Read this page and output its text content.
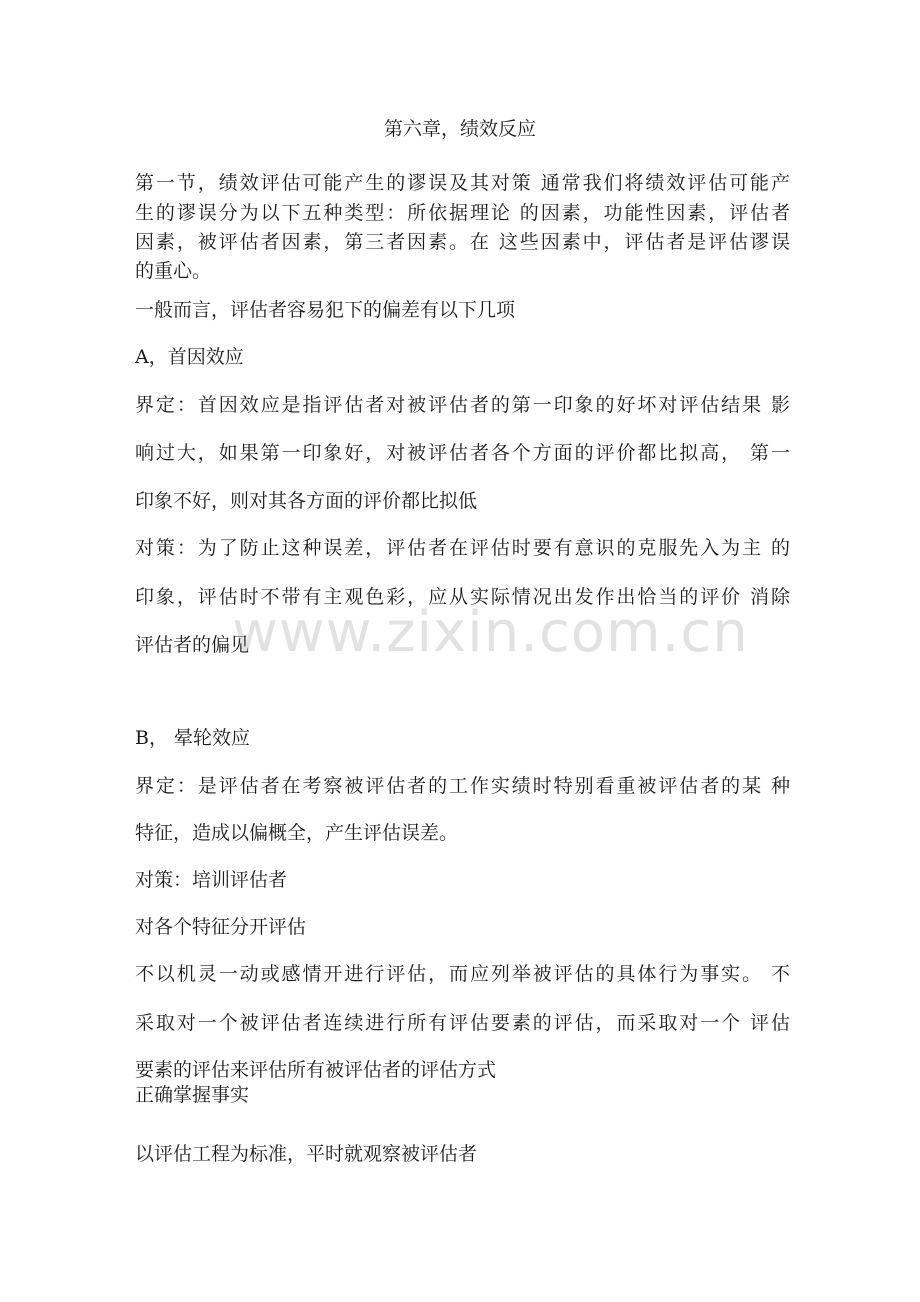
第六章，绩效反应
第一节，绩效评估可能产生的谬误及其对策 通常我们将绩效评估可能产
生的谬误分为以下五种类型：所依据理论 的因素，功能性因素，评估者
因素，被评估者因素，第三者因素。在 这些因素中，评估者是评估谬误
的重心。
一般而言，评估者容易犯下的偏差有以下几项
A，首因效应
界定：首因效应是指评估者对被评估者的第一印象的好坏对评估结果 影
响过大，如果第一印象好，对被评估者各个方面的评价都比拟高， 第一
印象不好，则对其各方面的评价都比拟低
对策：为了防止这种误差，评估者在评估时要有意识的克服先入为主 的
印象，评估时不带有主观色彩，应从实际情况出发作出恰当的评价 消除
评估者的偏见
B， 晕轮效应
界定：是评估者在考察被评估者的工作实绩时特别看重被评估者的某 种
特征，造成以偏概全，产生评估误差。
对策：培训评估者
对各个特征分开评估
不以机灵一动或感情开进行评估，而应列举被评估的具体行为事实。 不
采取对一个被评估者连续进行所有评估要素的评估，而采取对一个 评估
要素的评估来评估所有被评估者的评估方式
正确掌握事实
以评估工程为标准，平时就观察被评估者
www.zixin.com.cn
